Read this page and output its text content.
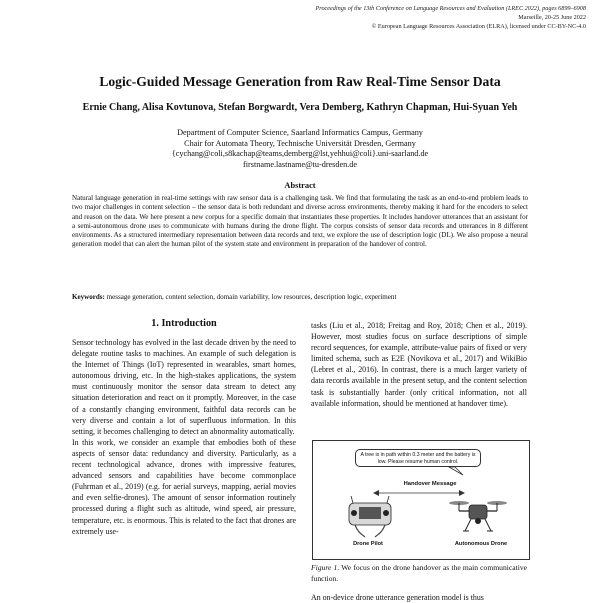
Proceedings of the 13th Conference on Language Resources and Evaluation (LREC 2022), pages 6899–6908
Marseille, 20-25 June 2022
© European Language Resources Association (ELRA), licensed under CC-BY-NC-4.0
Logic-Guided Message Generation from Raw Real-Time Sensor Data
Ernie Chang, Alisa Kovtunova, Stefan Borgwardt, Vera Demberg, Kathryn Chapman, Hui-Syuan Yeh
Department of Computer Science, Saarland Informatics Campus, Germany
Chair for Automata Theory, Technische Universität Dresden, Germany
{cychang@coli,s8kachap@teams,demberg@lst,yehhui@coli}.uni-saarland.de
firstname.lastname@tu-dresden.de
Abstract
Natural language generation in real-time settings with raw sensor data is a challenging task. We find that formulating the task as an end-to-end problem leads to two major challenges in content selection – the sensor data is both redundant and diverse across environments, thereby making it hard for the encoders to select and reason on the data. We here present a new corpus for a specific domain that instantiates these properties. It includes handover utterances that an assistant for a semi-autonomous drone uses to communicate with humans during the drone flight. The corpus consists of sensor data records and utterances in 8 different environments. As a structured intermediary representation between data records and text, we explore the use of description logic (DL). We also propose a neural generation model that can alert the human pilot of the system state and environment in preparation of the handover of control.
Keywords: message generation, content selection, domain variability, low resources, description logic, experiment
1. Introduction

Sensor technology has evolved in the last decade driven by the need to delegate routine tasks to machines. An example of such delegation is the Internet of Things (IoT) represented in wearables, smart homes, autonomous driving, etc. In the high-stakes applications, the system must continuously monitor the sensor data stream to detect any situation deterioration and react on it promptly. Moreover, in the case of a constantly changing environment, faithful data records can be very diverse and contain a lot of superfluous information. In this setting, it becomes challenging to detect an abnormality automatically.

In this work, we consider an example that embodies both of these aspects of sensor data: redundancy and diversity. Particularly, as a recent technological advance, drones with impressive features, advanced sensors and capabilities have become commonplace (Fuhrman et al., 2019) (e.g. for aerial surveys, mapping, aerial movies and even selfie-drones). The amount of sensor information routinely processed during a flight such as altitude, wind speed, air pressure, temperature, etc. is enormous. This is related to the fact that drones are extremely use-

tasks (Liu et al., 2018; Freitag and Roy, 2018; Chen et al., 2019). However, most studies focus on surface descriptions of simple record sequences, for example, attribute-value pairs of fixed or very limited schema, such as E2E (Novikova et al., 2017) and WikiBio (Lebret et al., 2016). In contrast, there is a much larger variety of data records available in the present setup, and the content selection task is substantially harder (only critical information, not all available information, should be mentioned at handover time).

A tree is in path within 0.3 meter and the battery is low. Please resume human control.
Handover Message
Drone Pilot	Autonomous Drone
Figure 1. We focus on the drone handover as the main communicative function.
An on-device drone utterance generation model is thus
